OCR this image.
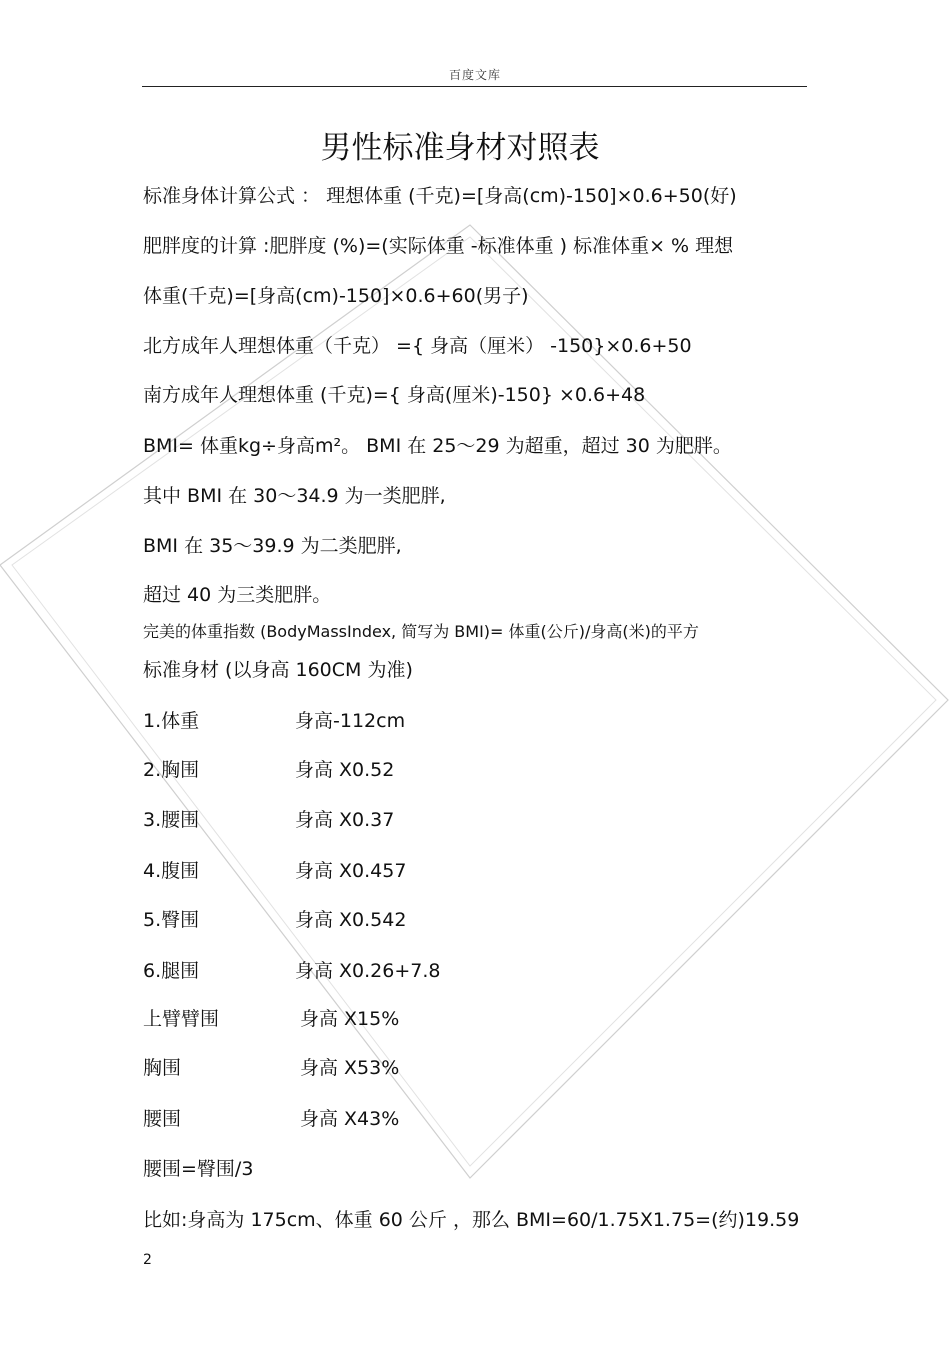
百度文库
男性标准身材对照表
标准身体计算公式 ： 理想体重 (千克)=[身高(cm)-150]×0.6+50(好)
肥胖度的计算 :肥胖度 (%)=(实际体重 -标准体重 ) 标准体重× % 理想
体重(千克)=[身高(cm)-150]×0.6+60(男子)
北方成年人理想体重（千克） ={ 身高（厘米） -150}×0.6+50
南方成年人理想体重 (千克)={ 身高(厘米)-150} ×0.6+48
BMI= 体重kg÷身高m²。 BMI 在 25～29 为超重，超过 30 为肥胖。
其中 BMI 在 30～34.9 为一类肥胖,
BMI 在 35～39.9 为二类肥胖,
超过 40 为三类肥胖。
完美的体重指数 (BodyMassIndex, 简写为 BMI)= 体重(公斤)/身高(米)的平方
标准身材 (以身高 160CM 为准)
1.体重	身高-112cm
2.胸围	身高 X0.52
3.腰围	身高 X0.37
4.腹围	身高 X0.457
5.臀围	身高 X0.542
6.腿围	身高 X0.26+7.8
上臂臂围	身高 X15%
胸围	身高 X53%
腰围	身高 X43%
腰围=臀围/3
比如:身高为 175cm、体重 60 公斤 ，那么 BMI=60/1.75X1.75=(约)19.59
2
